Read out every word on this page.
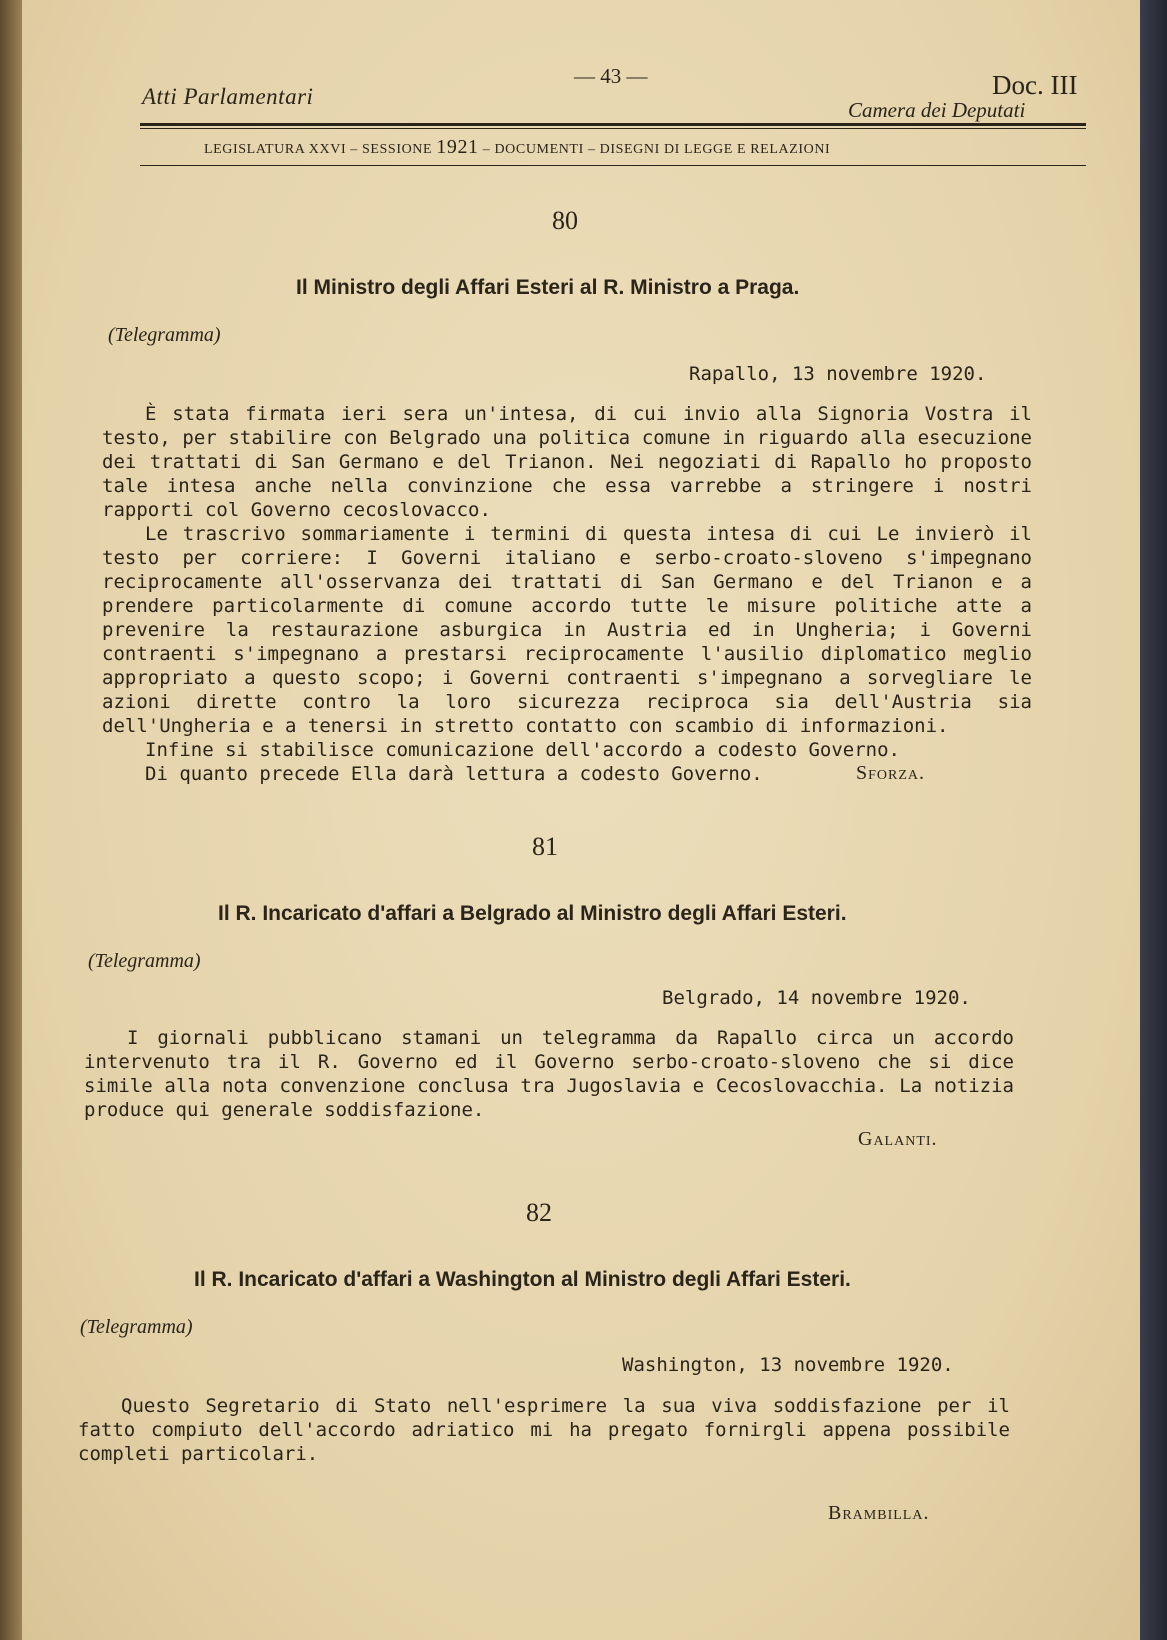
Atti Parlamentari
— 43 —	Doc. III
Camera dei Deputati
LEGISLATURA XXVI – SESSIONE 1921 – DOCUMENTI – DISEGNI DI LEGGE E RELAZIONI
80
Il Ministro degli Affari Esteri al R. Ministro a Praga.
(Telegramma)
Rapallo, 13 novembre 1920.

È stata firmata ieri sera un'intesa, di cui invio alla Signoria Vostra il testo, per stabilire con Belgrado una politica comune in riguardo alla esecuzione dei trattati di San Germano e del Trianon. Nei negoziati di Rapallo ho proposto tale intesa anche nella convinzione che essa varrebbe a stringere i nostri rapporti col Governo cecoslovacco.

Le trascrivo sommariamente i termini di questa intesa di cui Le invierò il testo per corriere: I Governi italiano e serbo-croato-sloveno s'impegnano reciprocamente all'osservanza dei trattati di San Germano e del Trianon e a prendere particolarmente di comune accordo tutte le misure politiche atte a prevenire la restaurazione asburgica in Austria ed in Ungheria; i Governi contraenti s'impegnano a prestarsi reciprocamente l'ausilio diplomatico meglio appropriato a questo scopo; i Governi contraenti s'impegnano a sorvegliare le azioni dirette contro la loro sicurezza reciproca sia dell'Austria sia dell'Ungheria e a tenersi in stretto contatto con scambio di informazioni.

Infine si stabilisce comunicazione dell'accordo a codesto Governo.

Di quanto precede Ella darà lettura a codesto Governo.	Sforza.
81
Il R. Incaricato d'affari a Belgrado al Ministro degli Affari Esteri.
(Telegramma)
Belgrado, 14 novembre 1920.

I giornali pubblicano stamani un telegramma da Rapallo circa un accordo intervenuto tra il R. Governo ed il Governo serbo-croato-sloveno che si dice simile alla nota convenzione conclusa tra Jugoslavia e Cecoslovacchia. La notizia produce qui generale soddisfazione.

Galanti.
82
Il R. Incaricato d'affari a Washington al Ministro degli Affari Esteri.
(Telegramma)
Washington, 13 novembre 1920.

Questo Segretario di Stato nell'esprimere la sua viva soddisfazione per il fatto compiuto dell'accordo adriatico mi ha pregato fornirgli appena possibile completi particolari.

Brambilla.
